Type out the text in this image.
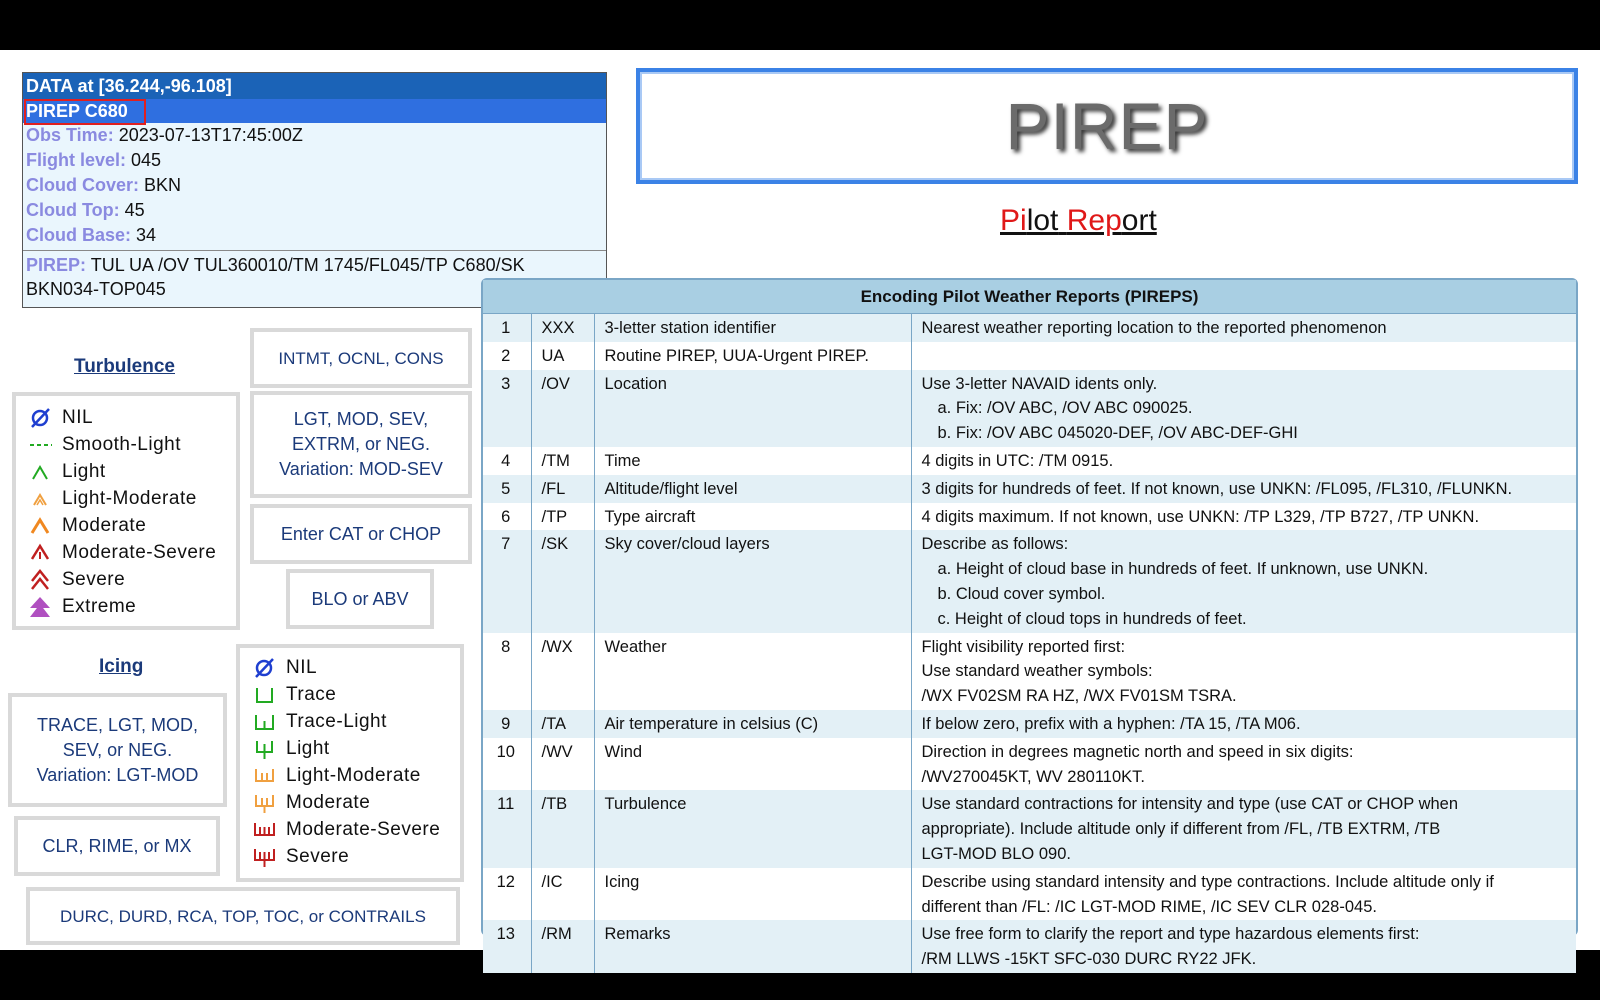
DATA at [36.244,-96.108]
PIREP C680
Obs Time: 2023-07-13T17:45:00Z
Flight level: 045
Cloud Cover: BKN
Cloud Top: 45
Cloud Base: 34
PIREP: TUL UA /OV TUL360010/TM 1745/FL045/TP C680/SK
BKN034-TOP045
PIREP
Pilot Report
Turbulence	INTMT, OCNL, CONS
LGT, MOD, SEV,
EXTRM, or NEG.
Variation: MOD-SEV
Enter CAT or CHOP
BLO or ABV
NIL
Smooth-Light
Light
Light-Moderate
Moderate
Moderate-Severe
Severe
Extreme
Icing
TRACE, LGT, MOD,
SEV, or NEG.
Variation: LGT-MOD
CLR, RIME, or MX
NIL
Trace
Trace-Light
Light
Light-Moderate
Moderate
Moderate-Severe
Severe
DURC, DURD, RCA, TOP, TOC, or CONTRAILS
Encoding Pilot Weather Reports (PIREPS)
1	XXX	3-letter station identifier	Nearest weather reporting location to the reported phenomenon

2	UA	Routine PIREP, UUA-Urgent PIREP.	

3	/OV	Location	Use 3-letter NAVAID idents only.
a. Fix: /OV ABC, /OV ABC 090025.
b. Fix: /OV ABC 045020-DEF, /OV ABC-DEF-GHI

4	/TM	Time	4 digits in UTC: /TM 0915.

5	/FL	Altitude/flight level	3 digits for hundreds of feet. If not known, use UNKN: /FL095, /FL310, /FLUNKN.

6	/TP	Type aircraft	4 digits maximum. If not known, use UNKN: /TP L329, /TP B727, /TP UNKN.

7	/SK	Sky cover/cloud layers	Describe as follows:
a. Height of cloud base in hundreds of feet. If unknown, use UNKN.
b. Cloud cover symbol.
c. Height of cloud tops in hundreds of feet.

8	/WX	Weather	Flight visibility reported first:
Use standard weather symbols:
/WX FV02SM RA HZ, /WX FV01SM TSRA.

9	/TA	Air temperature in celsius (C)	If below zero, prefix with a hyphen: /TA 15, /TA M06.

10	/WV	Wind	Direction in degrees magnetic north and speed in six digits:
/WV270045KT, WV 280110KT.

11	/TB	Turbulence	Use standard contractions for intensity and type (use CAT or CHOP when
appropriate). Include altitude only if different from /FL, /TB EXTRM, /TB
LGT-MOD BLO 090.

12	/IC	Icing	Describe using standard intensity and type contractions. Include altitude only if
different than /FL: /IC LGT-MOD RIME, /IC SEV CLR 028-045.

13	/RM	Remarks	Use free form to clarify the report and type hazardous elements first:
/RM LLWS -15KT SFC-030 DURC RY22 JFK.
